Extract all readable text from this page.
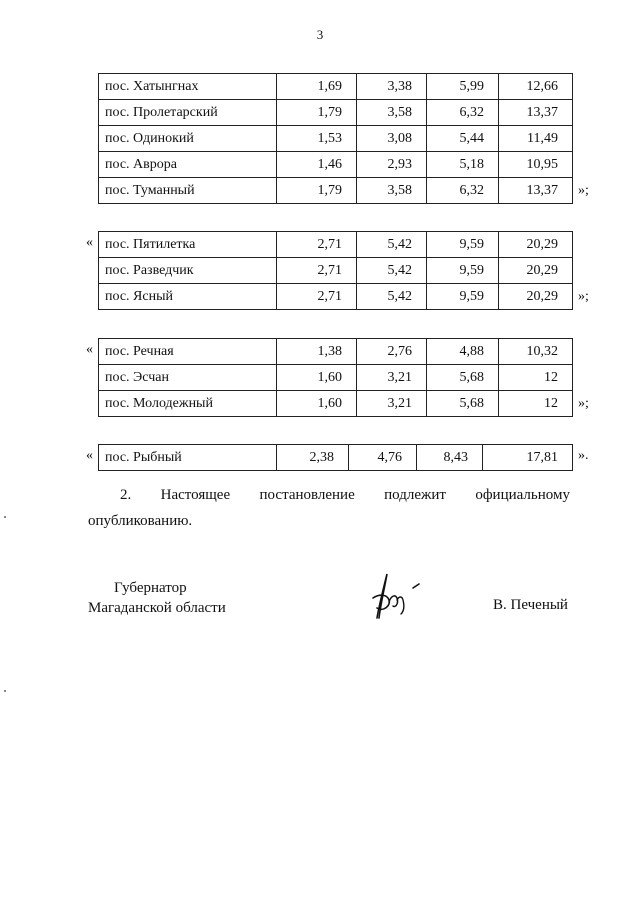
3
пос. Хатынгнах	1,69	3,38	5,99	12,66
пос. Пролетарский	1,79	3,58	6,32	13,37
пос. Одинокий	1,53	3,08	5,44	11,49
пос. Аврора	1,46	2,93	5,18	10,95
пос. Туманный	1,79	3,58	6,32	13,37 »;
« пос. Пятилетка	2,71	5,42	9,59	20,29
пос. Разведчик	2,71	5,42	9,59	20,29
пос. Ясный	2,71	5,42	9,59	20,29 »;
« пос. Речная	1,38	2,76	4,88	10,32
пос. Эсчан	1,60	3,21	5,68	12
пос. Молодежный	1,60	3,21	5,68	12 »;
« пос. Рыбный	2,38	4,76	8,43	17,81 ».

2. Настоящее постановление подлежит официальному

опубликованию.

Губернатор
Магаданской области	В. Печеный
